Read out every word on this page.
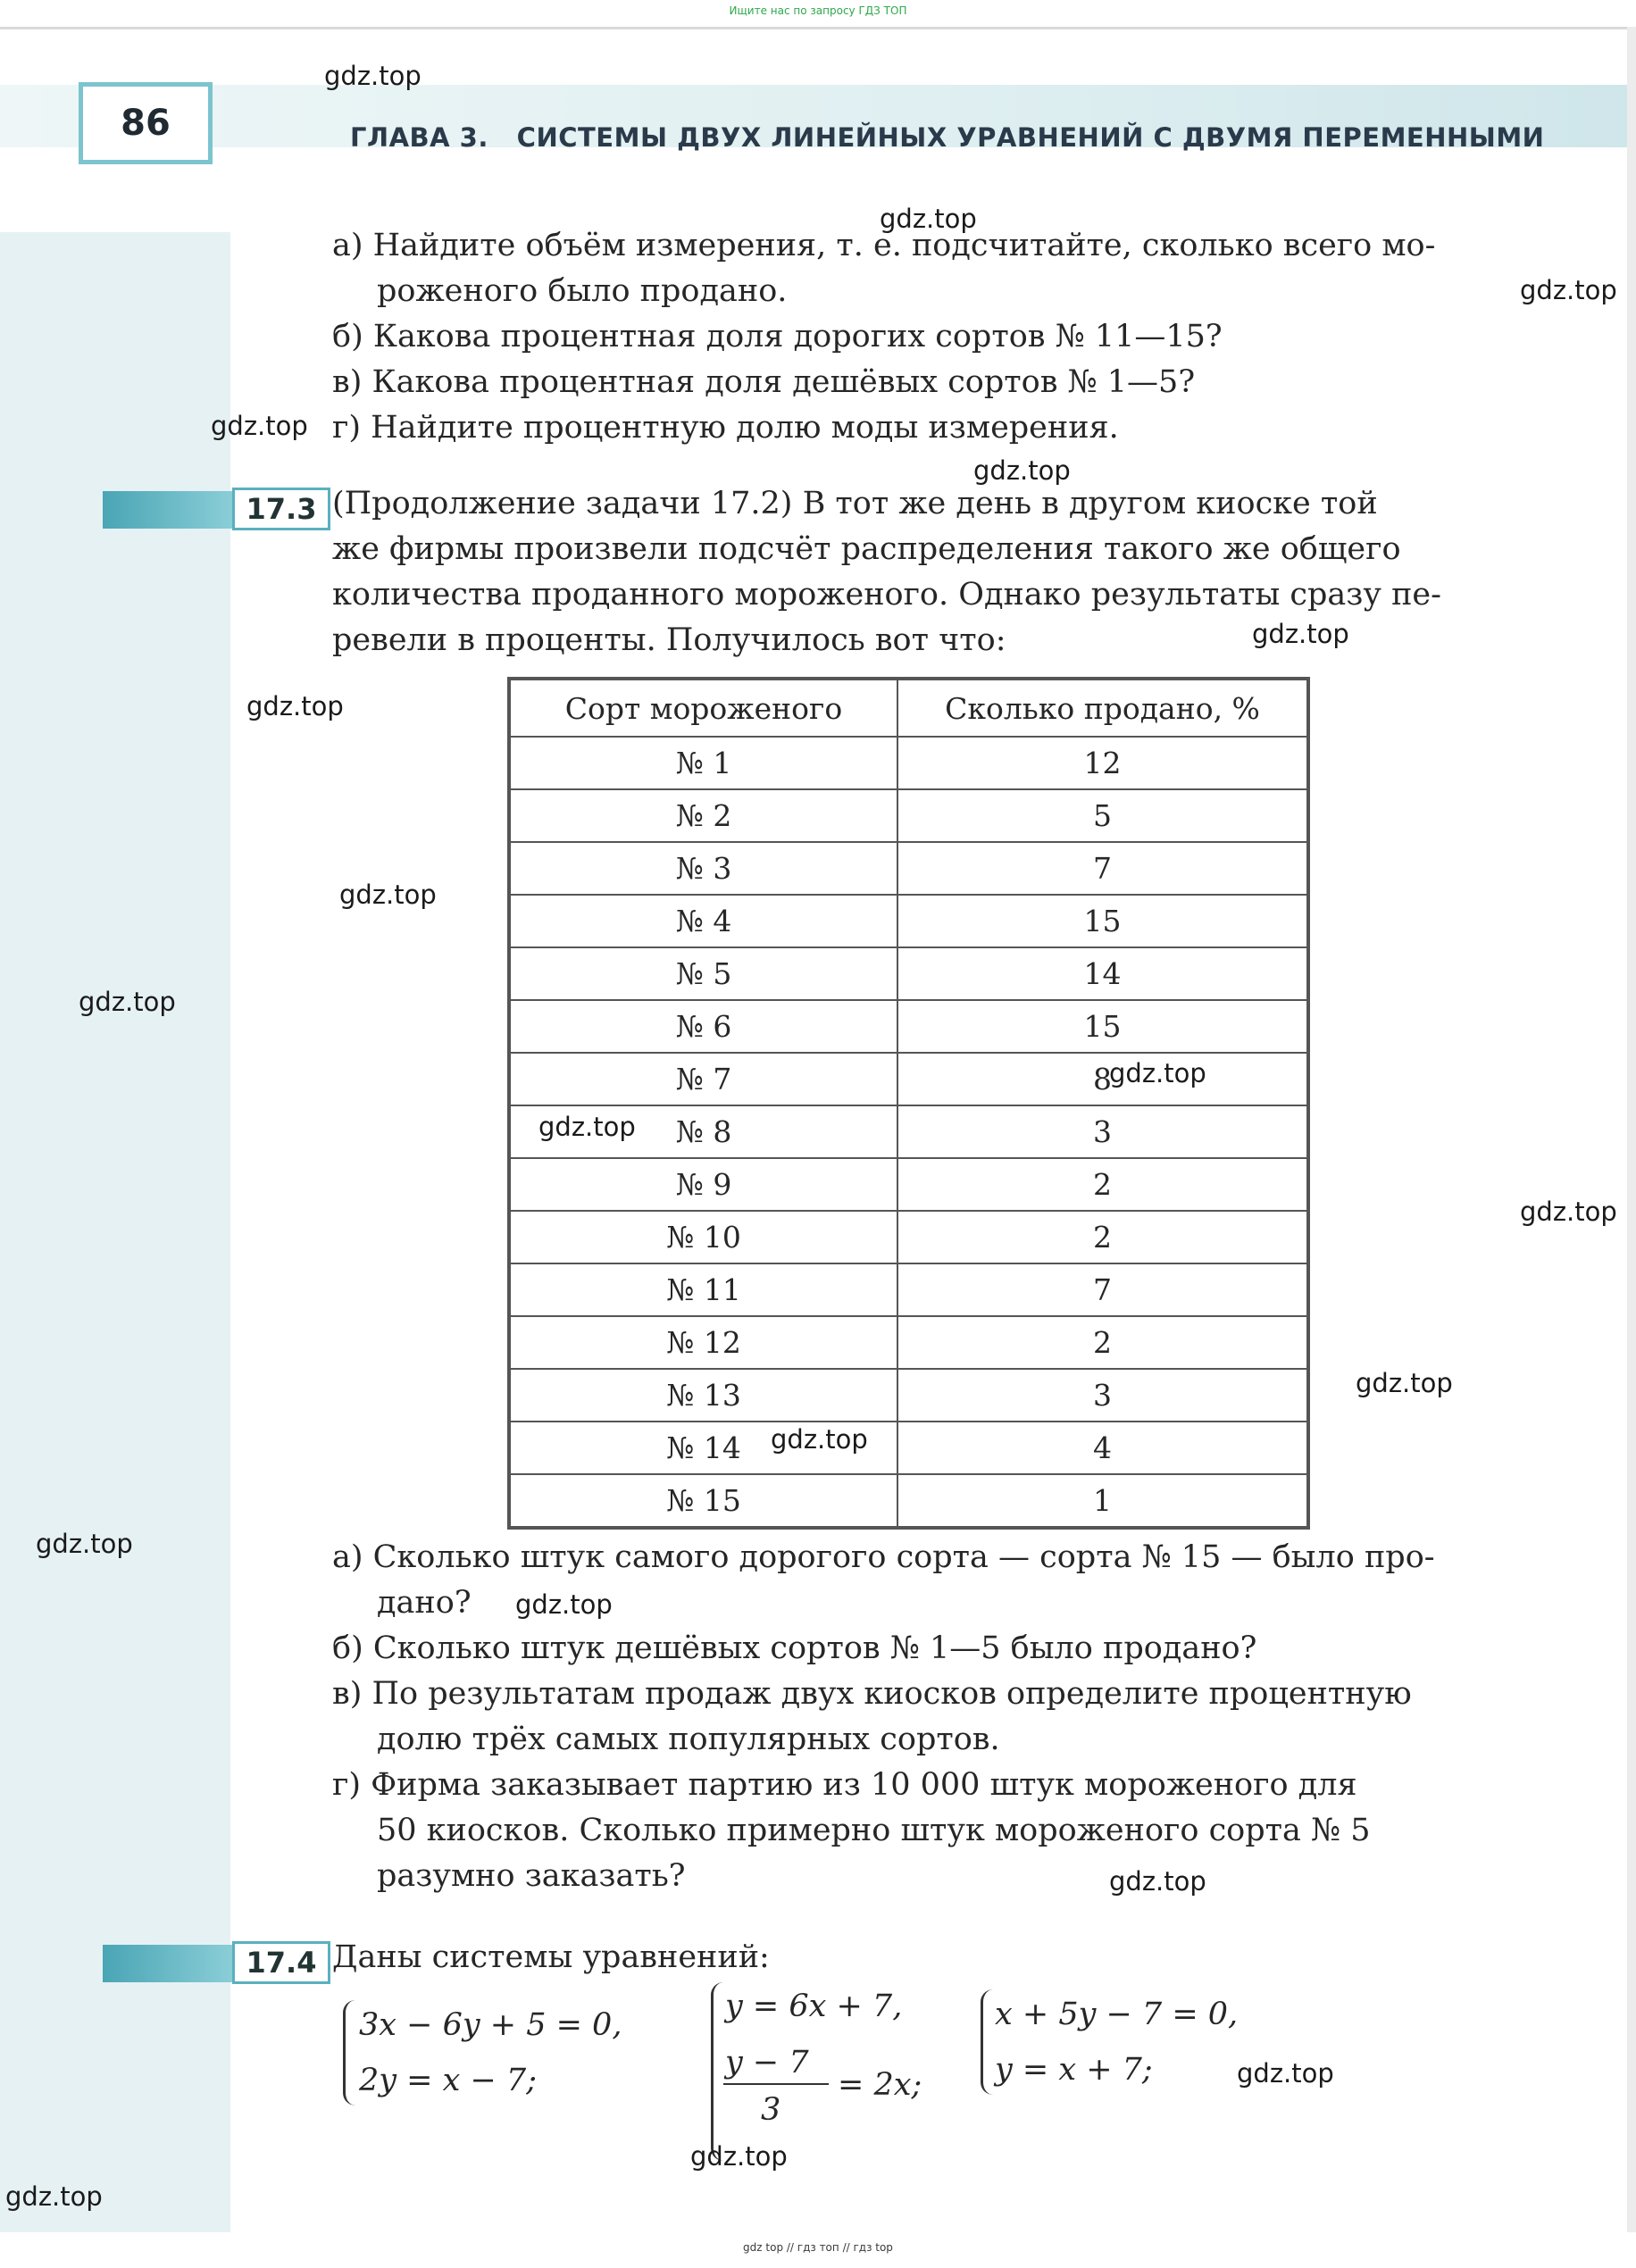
Ищите нас по запросу ГДЗ ТОП
86	ГЛАВА 3. СИСТЕМЫ ДВУХ ЛИНЕЙНЫХ УРАВНЕНИЙ С ДВУМЯ ПЕРЕМЕННЫМИ
а) Найдите объём измерения, т. е. подсчитайте, сколько всего мо-
роженого было продано.
б) Какова процентная доля дорогих сортов № 11—15?
в) Какова процентная доля дешёвых сортов № 1—5?
г) Найдите процентную долю моды измерения.
17.3 (Продолжение задачи 17.2) В тот же день в другом киоске той
же фирмы произвели подсчёт распределения такого же общего
количества проданного мороженого. Однако результаты сразу пе-
ревели в проценты. Получилось вот что:
Сорт мороженого	Сколько продано, %
№ 1	12
№ 2	5
№ 3	7
№ 4	15
№ 5	14
№ 6	15
№ 7	8
№ 8	3
№ 9	2
№ 10	2
№ 11	7
№ 12	2
№ 13	3
№ 14	4
№ 15	1
а) Сколько штук самого дорогого сорта — сорта № 15 — было про-
дано?
б) Сколько штук дешёвых сортов № 1—5 было продано?
в) По результатам продаж двух киосков определите процентную
долю трёх самых популярных сортов.
г) Фирма заказывает партию из 10 000 штук мороженого для
50 киосков. Сколько примерно штук мороженого сорта № 5
разумно заказать?
17.4 Даны системы уравнений:
3x − 6y + 5 = 0,
2y = x − 7;
y = 6x + 7,
y − 7
3
= 2x;
x + 5y − 7 = 0,
y = x + 7;
gdz.top
gdz.top
gdz.top
gdz.top
gdz.top
gdz.top
gdz.top
gdz.top
gdz.top
gdz.top
gdz.top
gdz.top
gdz.top
gdz.top
gdz.top
gdz.top
gdz.top
gdz.top
gdz.top
gdz.top
gdz top // гдз топ // гдз top
